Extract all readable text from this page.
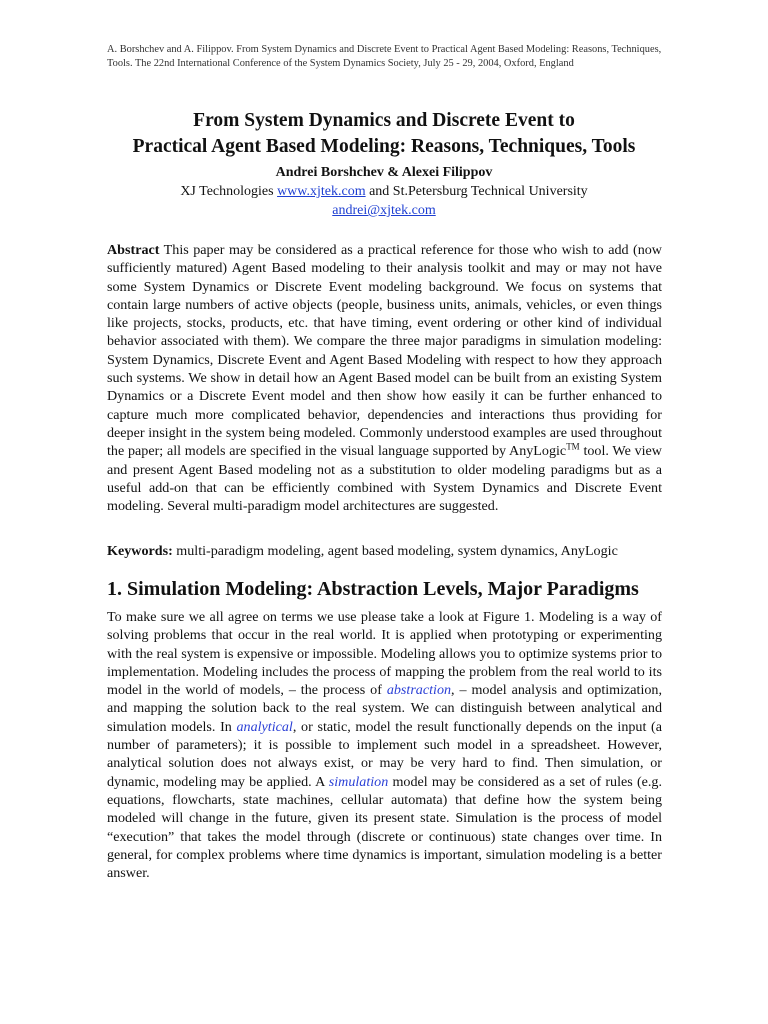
A. Borshchev and A. Filippov. From System Dynamics and Discrete Event to Practical Agent Based Modeling: Reasons, Techniques, Tools. The 22nd International Conference of the System Dynamics Society, July 25 - 29, 2004, Oxford, England
From System Dynamics and Discrete Event to
Practical Agent Based Modeling: Reasons, Techniques, Tools
Andrei Borshchev & Alexei Filippov
XJ Technologies www.xjtek.com and St.Petersburg Technical University
andrei@xjtek.com
Abstract This paper may be considered as a practical reference for those who wish to add (now sufficiently matured) Agent Based modeling to their analysis toolkit and may or may not have some System Dynamics or Discrete Event modeling background. We focus on systems that contain large numbers of active objects (people, business units, animals, vehicles, or even things like projects, stocks, products, etc. that have timing, event ordering or other kind of individual behavior associated with them). We compare the three major paradigms in simulation modeling: System Dynamics, Discrete Event and Agent Based Modeling with respect to how they approach such systems. We show in detail how an Agent Based model can be built from an existing System Dynamics or a Discrete Event model and then show how easily it can be further enhanced to capture much more complicated behavior, dependencies and interactions thus providing for deeper insight in the system being modeled. Commonly understood examples are used throughout the paper; all models are specified in the visual language supported by AnyLogic™ tool. We view and present Agent Based modeling not as a substitution to older modeling paradigms but as a useful add-on that can be efficiently combined with System Dynamics and Discrete Event modeling. Several multi-paradigm model architectures are suggested.
Keywords: multi-paradigm modeling, agent based modeling, system dynamics, AnyLogic
1. Simulation Modeling: Abstraction Levels, Major Paradigms
To make sure we all agree on terms we use please take a look at Figure 1. Modeling is a way of solving problems that occur in the real world. It is applied when prototyping or experimenting with the real system is expensive or impossible. Modeling allows you to optimize systems prior to implementation. Modeling includes the process of mapping the problem from the real world to its model in the world of models, – the process of abstraction, – model analysis and optimization, and mapping the solution back to the real system. We can distinguish between analytical and simulation models. In analytical, or static, model the result functionally depends on the input (a number of parameters); it is possible to implement such model in a spreadsheet. However, analytical solution does not always exist, or may be very hard to find. Then simulation, or dynamic, modeling may be applied. A simulation model may be considered as a set of rules (e.g. equations, flowcharts, state machines, cellular automata) that define how the system being modeled will change in the future, given its present state. Simulation is the process of model “execution” that takes the model through (discrete or continuous) state changes over time. In general, for complex problems where time dynamics is important, simulation modeling is a better answer.
